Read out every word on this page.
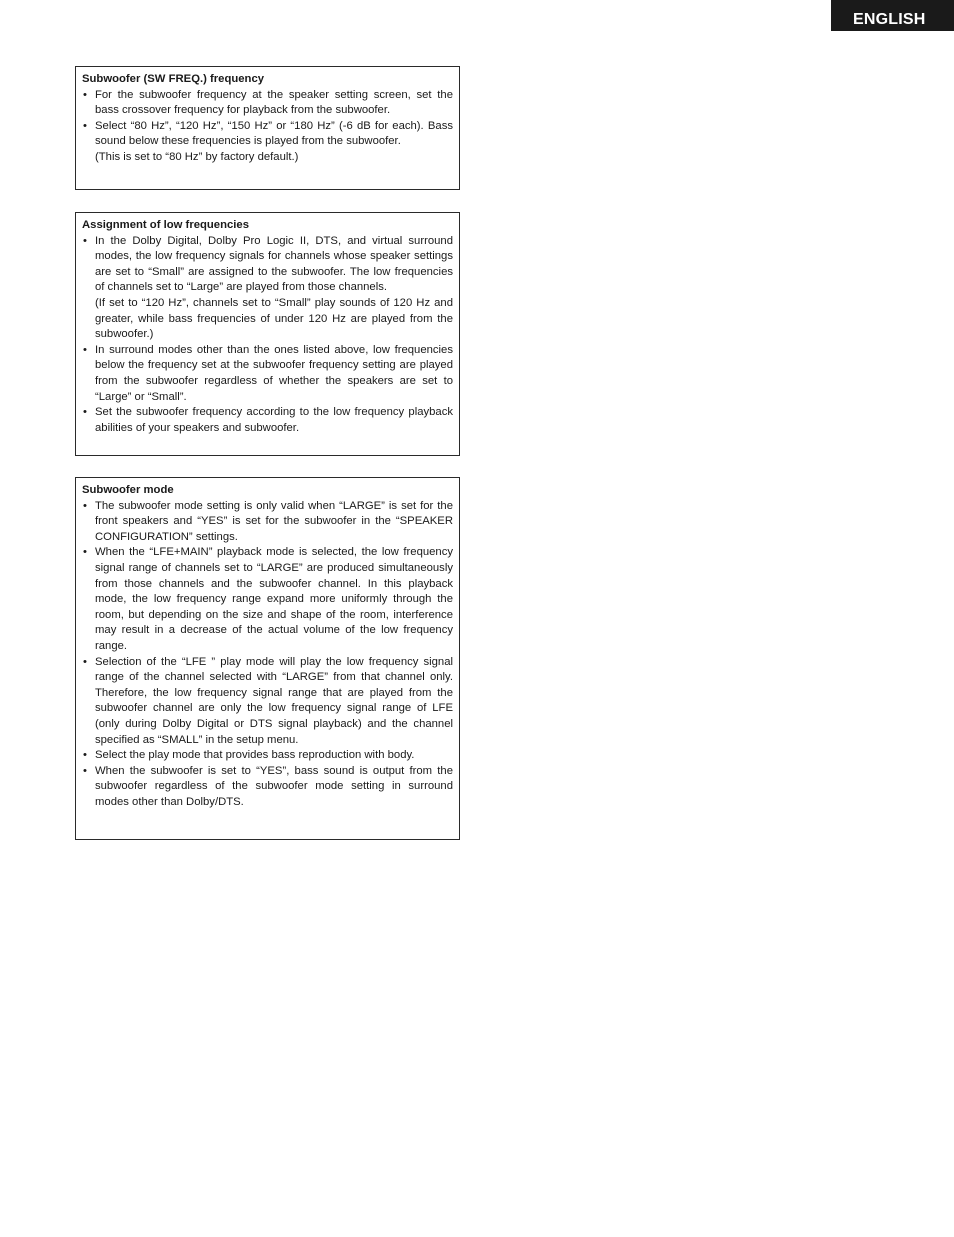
ENGLISH
Subwoofer (SW FREQ.) frequency
• For the subwoofer frequency at the speaker setting screen, set the bass crossover frequency for playback from the subwoofer.
• Select “80 Hz”, “120 Hz”, “150 Hz” or “180 Hz” (-6 dB for each). Bass sound below these frequencies is played from the subwoofer.
(This is set to “80 Hz” by factory default.)
Assignment of low frequencies
• In the Dolby Digital, Dolby Pro Logic II, DTS, and virtual surround modes, the low frequency signals for channels whose speaker settings are set to “Small” are assigned to the subwoofer. The low frequencies of channels set to “Large” are played from those channels.
(If set to “120 Hz”, channels set to “Small” play sounds of 120 Hz and greater, while bass frequencies of under 120 Hz are played from the subwoofer.)
• In surround modes other than the ones listed above, low frequencies below the frequency set at the subwoofer frequency setting are played from the subwoofer regardless of whether the speakers are set to “Large” or “Small”.
• Set the subwoofer frequency according to the low frequency playback abilities of your speakers and subwoofer.
Subwoofer mode
• The subwoofer mode setting is only valid when “LARGE” is set for the front speakers and “YES” is set for the subwoofer in the “SPEAKER CONFIGURATION” settings.
• When the “LFE+MAIN” playback mode is selected, the low frequency signal range of channels set to “LARGE” are produced simultaneously from those channels and the subwoofer channel. In this playback mode, the low frequency range expand more uniformly through the room, but depending on the size and shape of the room, interference may result in a decrease of the actual volume of the low frequency range.
• Selection of the “LFE ” play mode will play the low frequency signal range of the channel selected with “LARGE” from that channel only. Therefore, the low frequency signal range that are played from the subwoofer channel are only the low frequency signal range of LFE (only during Dolby Digital or DTS signal playback) and the channel specified as “SMALL” in the setup menu.
• Select the play mode that provides bass reproduction with body.
• When the subwoofer is set to “YES”, bass sound is output from the subwoofer regardless of the subwoofer mode setting in surround modes other than Dolby/DTS.
